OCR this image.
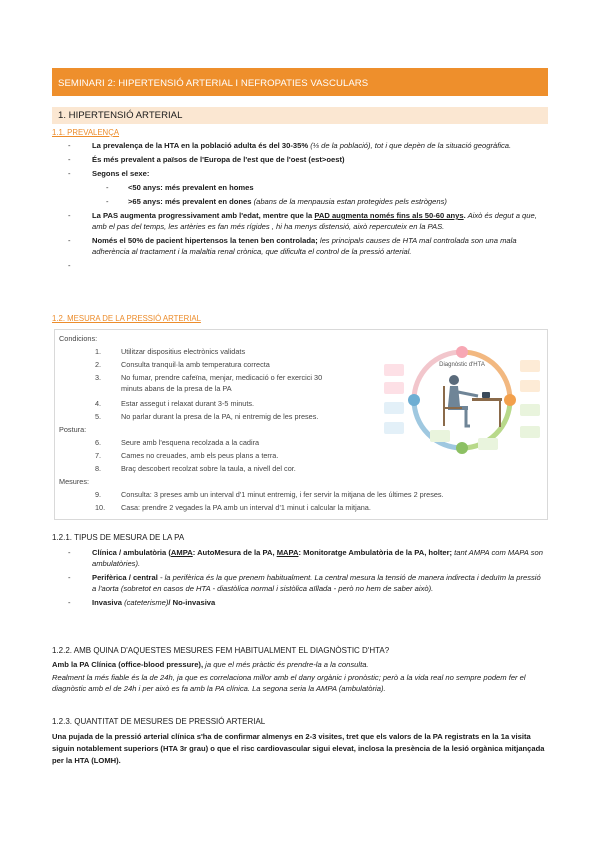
SEMINARI 2: HIPERTENSIÓ ARTERIAL I NEFROPATIES VASCULARS
1. HIPERTENSIÓ ARTERIAL
1.1. PREVALENÇA
-	La prevalença de la HTA en la població adulta és del 30-35% (⅓ de la població), tot i que depèn de la situació geogràfica.
-	És més prevalent a països de l'Europa de l'est que de l'oest (est>oest)
-	Segons el sexe:
-	<50 anys: més prevalent en homes
-	>65 anys: més prevalent en dones (abans de la menpausia estan protegides pels estrògens)
-	La PAS augmenta progressivament amb l'edat, mentre que la PAD augmenta només fins als 50-60 anys. Això és degut a que, amb el pas del temps, les artèries es fan més rígides , hi ha menys distensió, això repercuteix en la PAS.
-	Només el 50% de pacient hipertensos la tenen ben controlada; les principals causes de HTA mal controlada son una mala adherència al tractament i la malaltia renal crònica, que dificulta el control de la pressió arterial.
-

1.2. MESURA DE LA PRESSIÓ ARTERIAL
Condicions:
1.	Utilitzar dispositius electrònics validats
2.	Consulta tranquil·la amb temperatura correcta
3.	No fumar, prendre cafeïna, menjar, medicació o fer exercici 30 minuts abans de la presa de la PA
4.	Estar assegut i relaxat durant 3-5 minuts.
5.	No parlar durant la presa de la PA, ni entremig de les preses.
Postura:
6.	Seure amb l'esquena recolzada a la cadira
7.	Cames no creuades, amb els peus plans a terra.
8.	Braç descobert recolzat sobre la taula, a nivell del cor.
Mesures:
9.	Consulta: 3 preses amb un interval d'1 minut entremig, i fer servir la mitjana de les últimes 2 preses.
10. Casa: prendre 2 vegades la PA amb un interval d'1 minut i calcular la mitjana.
Diagnòstic d'HTA
1.2.1. TIPUS DE MESURA DE LA PA
-	Clínica / ambulatòria (AMPA: AutoMesura de la PA, MAPA: Monitoratge Ambulatòria de la PA, holter; tant AMPA com MAPA son ambulatòries).
-	Perifèrica / central - la perifèrica és la que prenem habitualment. La central mesura la tensió de manera indirecta i deduïm la pressió a l'aorta (sobretot en casos de HTA - diastòlica normal i sistòlica aïllada - però no hem de saber això).
-	Invasiva (cateterisme)/ No-invasiva
1.2.2. AMB QUINA D'AQUESTES MESURES FEM HABITUALMENT EL DIAGNÒSTIC D'HTA?

Amb la PA Clínica (office-blood pressure), ja que el més pràctic és prendre-la a la consulta.

Realment la més fiable és la de 24h, ja que es correlaciona millor amb el dany orgànic i pronòstic; però a la vida real no sempre podem fer el diagnòstic amb el de 24h i per això es fa amb la PA clínica. La segona seria la AMPA (ambulatòria).

1.2.3. QUANTITAT DE MESURES DE PRESSIÓ ARTERIAL
Una pujada de la pressió arterial clínica s'ha de confirmar almenys en 2-3 visites, tret que els valors de la PA registrats en la 1a visita siguin notablement superiors (HTA 3r grau) o que el risc cardiovascular sigui elevat, inclosa la presència de la lesió orgànica mitjançada per la HTA (LOMH).
